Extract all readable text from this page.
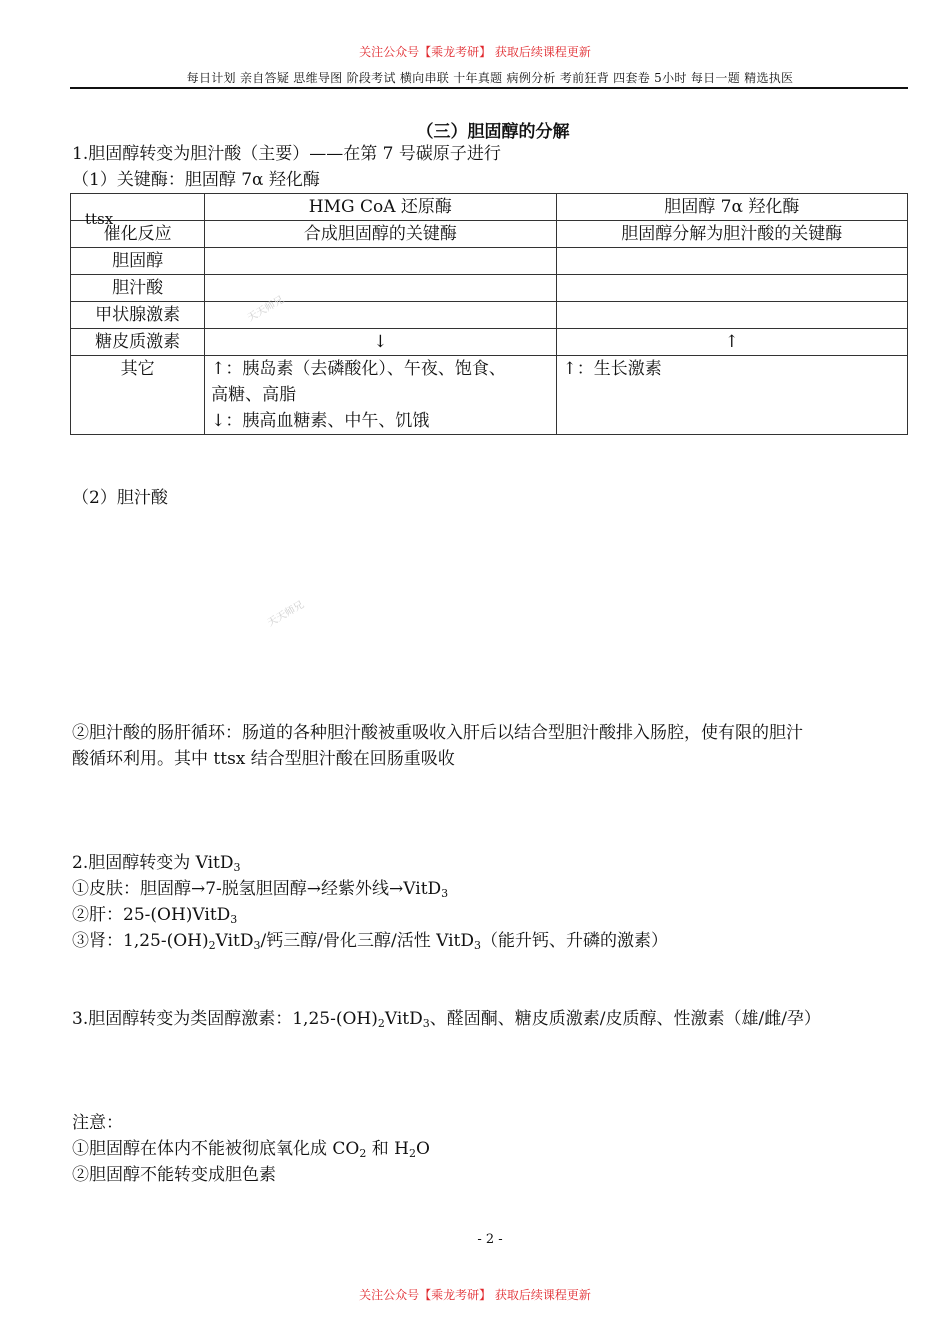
关注公众号【乘龙考研】 获取后续课程更新
每日计划 亲自答疑 思维导图 阶段考试 横向串联 十年真题 病例分析 考前狂背 四套卷 5小时 每日一题 精选执医
（三）胆固醇的分解
1.胆固醇转变为胆汁酸（主要）——在第 7 号碳原子进行
（1）关键酶：胆固醇 7α 羟化酶
ttsx	HMG CoA 还原酶	胆固醇 7α 羟化酶
催化反应	合成胆固醇的关键酶	胆固醇分解为胆汁酸的关键酶
胆固醇		
胆汁酸		
甲状腺激素		
糖皮质激素	↓	↑
其它	↑：胰岛素（去磷酸化）、午夜、饱食、
高糖、高脂
↓：胰高血糖素、中午、饥饿	↑：生长激素
（2）胆汁酸
②胆汁酸的肠肝循环：肠道的各种胆汁酸被重吸收入肝后以结合型胆汁酸排入肠腔，使有限的胆汁
酸循环利用。其中 ttsx 结合型胆汁酸在回肠重吸收
2.胆固醇转变为 VitD$_3$
①皮肤：胆固醇→7-脱氢胆固醇→经紫外线→VitD$_3$
②肝：25-(OH)VitD$_3$
③肾：$1,25-(OH)_2VitD_3/$钙三醇/骨化三醇/活性 VitD$_3$（能升钙、升磷的激素）
3.胆固醇转变为类固醇激素：$1,25-(OH)_2VitD_3$、醛固酮、糖皮质激素/皮质醇、性激素（雄/雌/孕）
注意：
①胆固醇在体内不能被彻底氧化成 $CO_2$ 和 $H_2O$
②胆固醇不能转变成胆色素
- 2 -
关注公众号【乘龙考研】 获取后续课程更新
天天师兄
天天师兄
